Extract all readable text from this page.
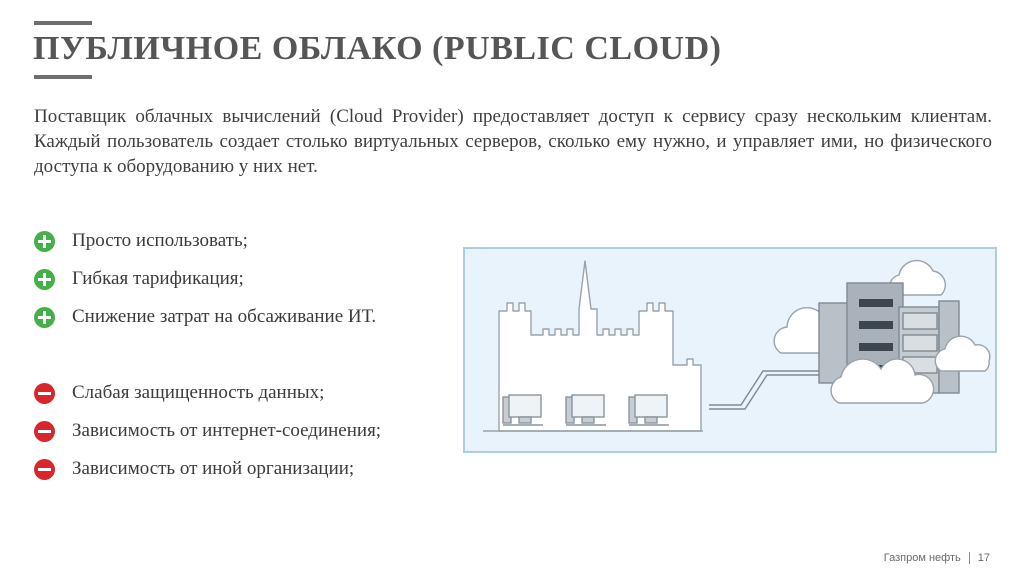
ПУБЛИЧНОЕ ОБЛАКО (PUBLIC CLOUD)
Поставщик облачных вычислений (Cloud Provider) предоставляет доступ к сервису сразу нескольким клиентам. Каждый пользователь создает столько виртуальных серверов, сколько ему нужно, и управляет ими, но физического доступа к оборудованию у них нет.
Просто использовать;
Гибкая тарификация;
Снижение затрат на обсаживание ИТ.
Слабая защищенность данных;
Зависимость от интернет-соединения;
Зависимость от иной организации;
Газпром нефть 17
